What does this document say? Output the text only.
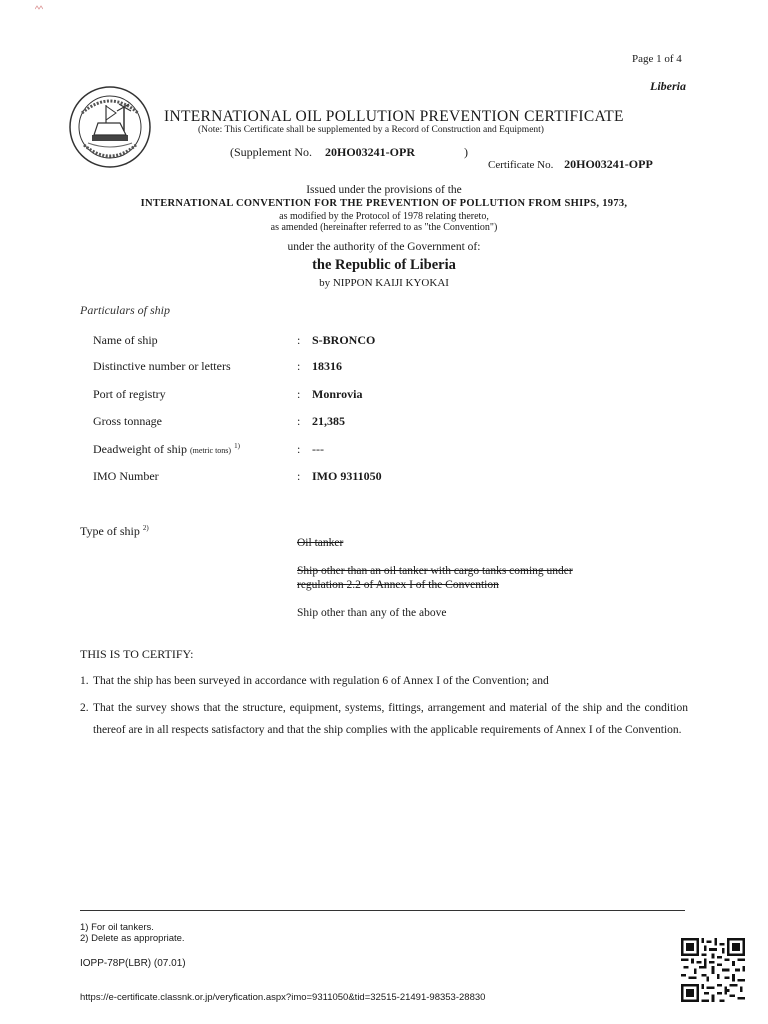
Page 1 of 4
Liberia
INTERNATIONAL OIL POLLUTION PREVENTION CERTIFICATE
(Note: This Certificate shall be supplemented by a Record of Construction and Equipment)
(Supplement No. 20HO03241-OPR	)
Certificate No. 20HO03241-OPP
Issued under the provisions of the
INTERNATIONAL CONVENTION FOR THE PREVENTION OF POLLUTION FROM SHIPS, 1973,
as modified by the Protocol of 1978 relating thereto,
as amended (hereinafter referred to as "the Convention")
under the authority of the Government of:
the Republic of Liberia
by NIPPON KAIJI KYOKAI
Particulars of ship
Name of ship	: S-BRONCO
Distinctive number or letters	: 18316
Port of registry	: Monrovia
Gross tonnage	: 21,385
Deadweight of ship (metric tons) $^{1)}$	: ---
IMO Number	: IMO 9311050
Type of ship $^{2)}$
Oil tanker
Ship other than an oil tanker with cargo tanks coming under
regulation 2.2 of Annex I of the Convention
Ship other than any of the above
THIS IS TO CERTIFY:
1. That the ship has been surveyed in accordance with regulation 6 of Annex I of the Convention; and
2. That the survey shows that the structure, equipment, systems, fittings, arrangement and material of the ship and the condition thereof are in all respects satisfactory and that the ship complies with the applicable requirements of Annex I of the Convention.
1) For oil tankers.
2) Delete as appropriate.
IOPP-78P(LBR) (07.01)
https://e-certificate.classnk.or.jp/veryfication.aspx?imo=9311050&tid=32515-21491-98353-28830
